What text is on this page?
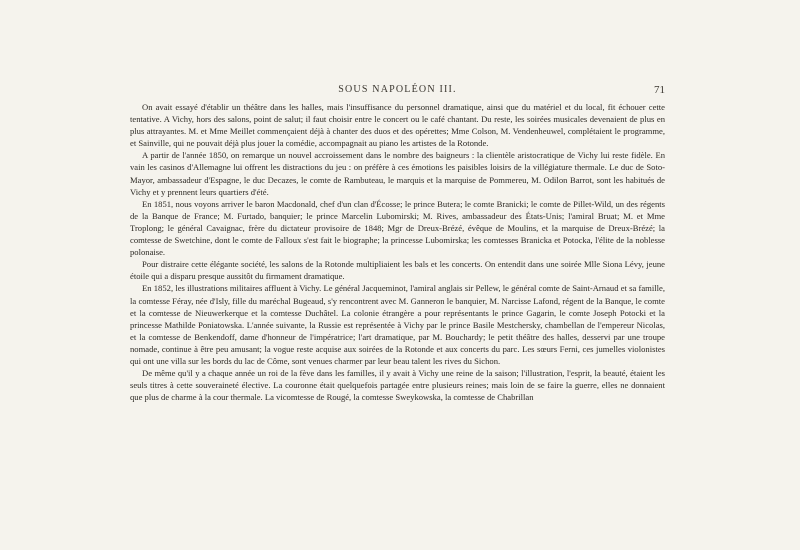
SOUS NAPOLÉON III.	71

On avait essayé d'établir un théâtre dans les halles, mais l'insuffisance du personnel dramatique, ainsi que du matériel et du local, fit échouer cette tentative. A Vichy, hors des salons, point de salut; il faut choisir entre le concert ou le café chantant. Du reste, les soirées musicales devenaient de plus en plus attrayantes. M. et Mme Meillet commençaient déjà à chanter des duos et des opérettes; Mme Colson, M. Vendenheuwel, complétaient le programme, et Sainville, qui ne pouvait déjà plus jouer la comédie, accompagnait au piano les artistes de la Rotonde.

A partir de l'année 1850, on remarque un nouvel accroissement dans le nombre des baigneurs : la clientèle aristocratique de Vichy lui reste fidèle. En vain les casinos d'Allemagne lui offrent les distractions du jeu : on préfère à ces émotions les paisibles loisirs de la villégiature thermale. Le duc de Soto-Mayor, ambassadeur d'Espagne, le duc Decazes, le comte de Rambuteau, le marquis et la marquise de Pommereu, M. Odilon Barrot, sont les habitués de Vichy et y prennent leurs quartiers d'été.

En 1851, nous voyons arriver le baron Macdonald, chef d'un clan d'Écosse; le prince Butera; le comte Branicki; le comte de Pillet-Wild, un des régents de la Banque de France; M. Furtado, banquier; le prince Marcelin Lubomirski; M. Rives, ambassadeur des États-Unis; l'amiral Bruat; M. et Mme Troplong; le général Cavaignac, frère du dictateur provisoire de 1848; Mgr de Dreux-Brézé, évêque de Moulins, et la marquise de Dreux-Brézé; la comtesse de Swetchine, dont le comte de Falloux s'est fait le biographe; la princesse Lubomirska; les comtesses Branicka et Potocka, l'élite de la noblesse polonaise.

Pour distraire cette élégante société, les salons de la Rotonde multipliaient les bals et les concerts. On entendit dans une soirée Mlle Siona Lévy, jeune étoile qui a disparu presque aussitôt du firmament dramatique.

En 1852, les illustrations militaires affluent à Vichy. Le général Jacqueminot, l'amiral anglais sir Pellew, le général comte de Saint-Arnaud et sa famille, la comtesse Féray, née d'Isly, fille du maréchal Bugeaud, s'y rencontrent avec M. Ganneron le banquier, M. Narcisse Lafond, régent de la Banque, le comte et la comtesse de Nieuwerkerque et la comtesse Duchâtel. La colonie étrangère a pour représentants le prince Gagarin, le comte Joseph Potocki et la princesse Mathilde Poniatowska. L'année suivante, la Russie est représentée à Vichy par le prince Basile Mestchersky, chambellan de l'empereur Nicolas, et la comtesse de Benkendoff, dame d'honneur de l'impératrice; l'art dramatique, par M. Bouchardy; le petit théâtre des halles, desservi par une troupe nomade, continue à être peu amusant; la vogue reste acquise aux soirées de la Rotonde et aux concerts du parc. Les sœurs Ferni, ces jumelles violonistes qui ont une villa sur les bords du lac de Côme, sont venues charmer par leur beau talent les rives du Sichon.

De même qu'il y a chaque année un roi de la fève dans les familles, il y avait à Vichy une reine de la saison; l'illustration, l'esprit, la beauté, étaient les seuls titres à cette souveraineté élective. La couronne était quelquefois partagée entre plusieurs reines; mais loin de se faire la guerre, elles ne donnaient que plus de charme à la cour thermale. La vicomtesse de Rougé, la comtesse Sweykowska, la comtesse de Chabrillan
